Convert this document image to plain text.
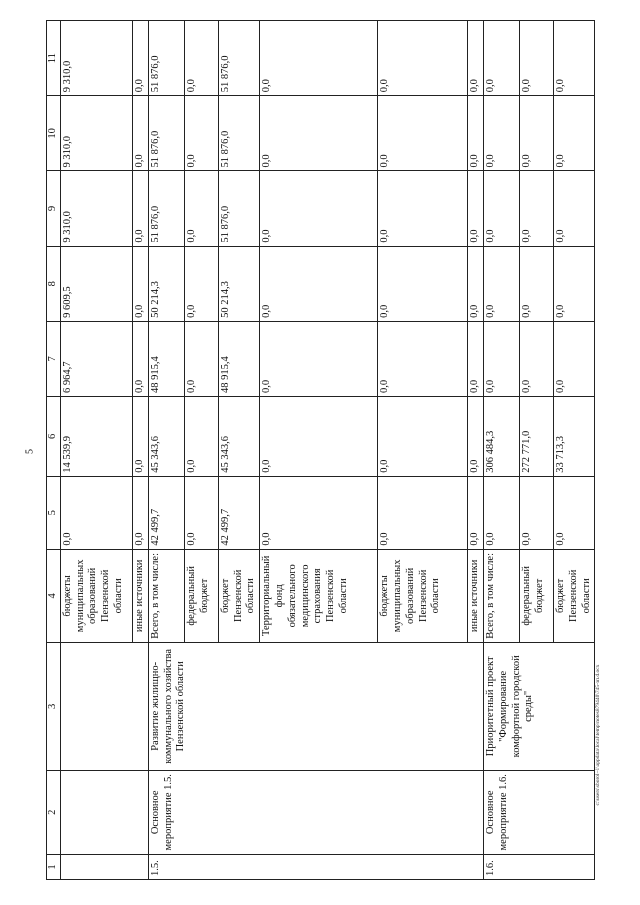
5
1	2	3	4	5	6	7	8	9	10	11
			бюджеты муниципальных образований Пензенской области	0,0	14 539,9	6 964,7	9 609,5	9 310,0	9 310,0	9 310,0
			иные источники	0,0	0,0	0,0	0,0	0,0	0,0	0,0
1.5.	Основное мероприятие 1.5.	Развитие жилищно-коммунального хозяйства Пензенской области	Всего, в том числе:	42 499,7	45 343,6	48 915,4	50 214,3	51 876,0	51 876,0	51 876,0
			федеральный бюджет	0,0	0,0	0,0	0,0	0,0	0,0	0,0
			бюджет Пензенской области	42 499,7	45 343,6	48 915,4	50 214,3	51 876,0	51 876,0	51 876,0
			Территориальный фонд обязательного медицинского страхования Пензенской области	0,0	0,0	0,0	0,0	0,0	0,0	0,0
			бюджеты муниципальных образований Пензенской области	0,0	0,0	0,0	0,0	0,0	0,0	0,0
			иные источники	0,0	0,0	0,0	0,0	0,0	0,0	0,0
1.6.	Основное мероприятие 1.6.	Приоритетный проект "Формирование комфортной городской среды"	Всего, в том числе:	0,0	306 484,3	0,0	0,0	0,0	0,0	0,0
			федеральный бюджет	0,0	272 771,0	0,0	0,0	0,0	0,0	0,0
			бюджет Пензенской области	0,0	33 713,3	0,0	0,0	0,0	0,0	0,0
c:\users\sborol~1\appdata\local\temp\notes879440\745-зп.d.ocx
